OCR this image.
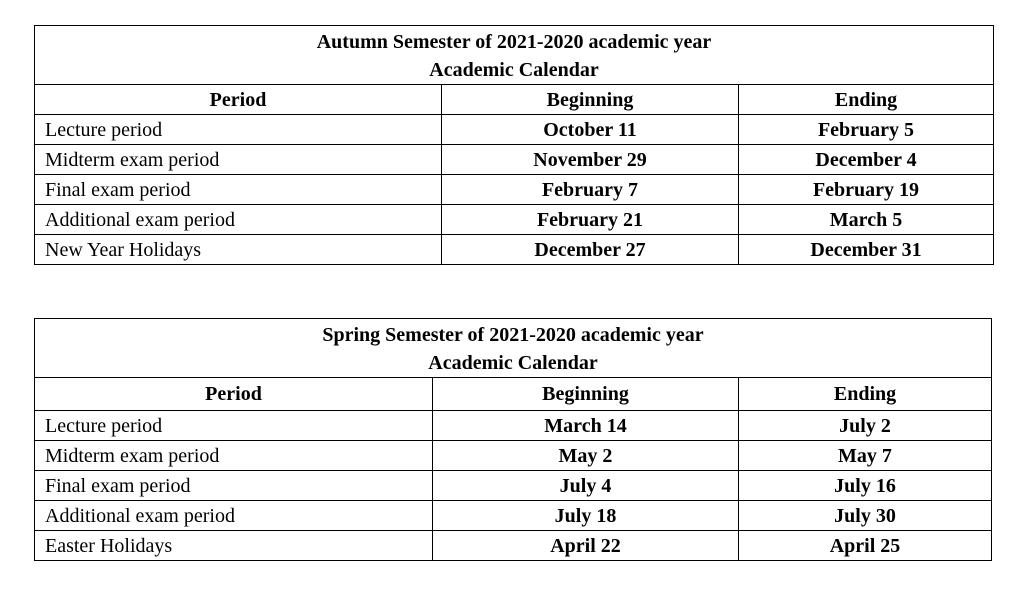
Autumn Semester of 2021-2020 academic year
Academic Calendar		

Period	Beginning	Ending
Lecture period	October 11	February 5
Midterm exam period	November 29	December 4
Final exam period	February 7	February 19
Additional exam period	February 21	March 5
New Year Holidays	December 27	December 31
Spring Semester of 2021-2020 academic year
Academic Calendar		

Period	Beginning	Ending
Lecture period	March 14	July 2
Midterm exam period	May 2	May 7
Final exam period	July 4	July 16
Additional exam period	July 18	July 30
Easter Holidays	April 22	April 25
